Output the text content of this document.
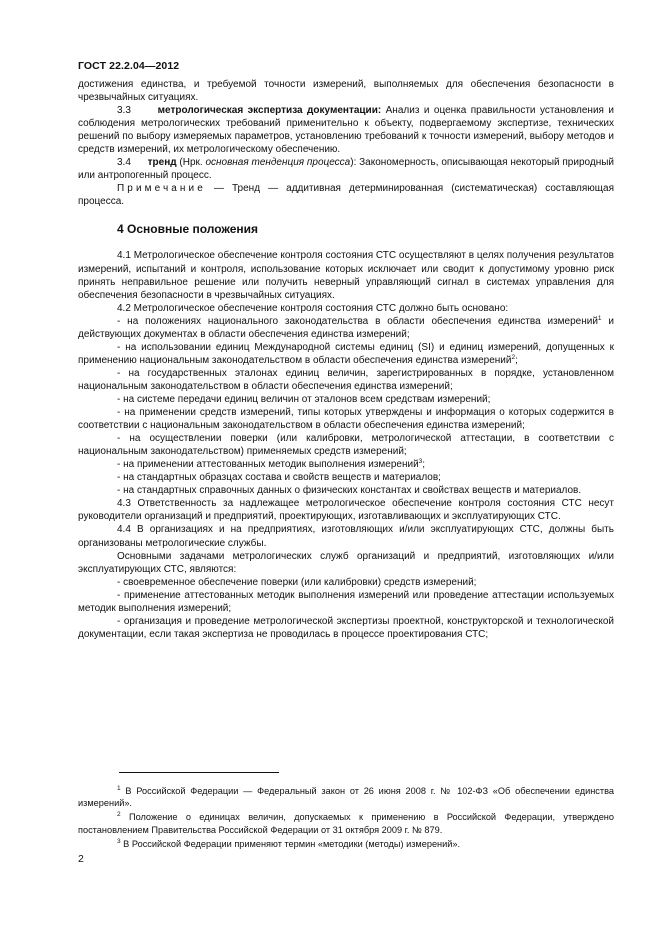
ГОСТ 22.2.04—2012

достижения единства, и требуемой точности измерений, выполняемых для обеспечения безопасности в чрезвычайных ситуациях.

3.3	метрологическая экспертиза документации: Анализ и оценка правильности установления и соблюдения метрологических требований применительно к объекту, подвергаемому экспертизе, технических решений по выбору измеряемых параметров, установлению требований к точности измерений, выбору методов и средств измерений, их метрологическому обеспечению.

3.4 тренд (Нрк. основная тенденция процесса): Закономерность, описывающая некоторый природный или антропогенный процесс.

Примечание — Тренд — аддитивная детерминированная (систематическая) составляющая процесса.

4 Основные положения

4.1 Метрологическое обеспечение контроля состояния СТС осуществляют в целях получения результатов измерений, испытаний и контроля, использование которых исключает или сводит к допустимому уровню риск принять неправильное решение или получить неверный управляющий сигнал в системах управления для обеспечения безопасности в чрезвычайных ситуациях.

4.2 Метрологическое обеспечение контроля состояния СТС должно быть основано:

- на положениях национального законодательства в области обеспечения единства измерений$^1$ и действующих документах в области обеспечения единства измерений;

- на использовании единиц Международной системы единиц (SI) и единиц измерений, допущенных к применению национальным законодательством в области обеспечения единства измерений$^2$;

- на государственных эталонах единиц величин, зарегистрированных в порядке, установленном национальным законодательством в области обеспечения единства измерений;

- на системе передачи единиц величин от эталонов всем средствам измерений;

- на применении средств измерений, типы которых утверждены и информация о которых содержится в соответствии с национальным законодательством в области обеспечения единства измерений;

- на осуществлении поверки (или калибровки, метрологической аттестации, в соответствии с национальным законодательством) применяемых средств измерений;

- на применении аттестованных методик выполнения измерений$^3$;

- на стандартных образцах состава и свойств веществ и материалов;

- на стандартных справочных данных о физических константах и свойствах веществ и материалов.

4.3 Ответственность за надлежащее метрологическое обеспечение контроля состояния СТС несут руководители организаций и предприятий, проектирующих, изготавливающих и эксплуатирующих СТС.

4.4 В организациях и на предприятиях, изготовляющих и/или эксплуатирующих СТС, должны быть организованы метрологические службы.

Основными задачами метрологических служб организаций и предприятий, изготовляющих и/или эксплуатирующих СТС, являются:

- своевременное обеспечение поверки (или калибровки) средств измерений;

- применение аттестованных методик выполнения измерений или проведение аттестации используемых методик выполнения измерений;

- организация и проведение метрологической экспертизы проектной, конструкторской и технологической документации, если такая экспертиза не проводилась в процессе проектирования СТС;

$^1$ В Российской Федерации — Федеральный закон от 26 июня 2008 г. № 102-ФЗ «Об обеспечении единства измерений».

$^2$ Положение о единицах величин, допускаемых к применению в Российской Федерации, утверждено постановлением Правительства Российской Федерации от 31 октября 2009 г. № 879.

$^3$ В Российской Федерации применяют термин «методики (методы) измерений».

2
